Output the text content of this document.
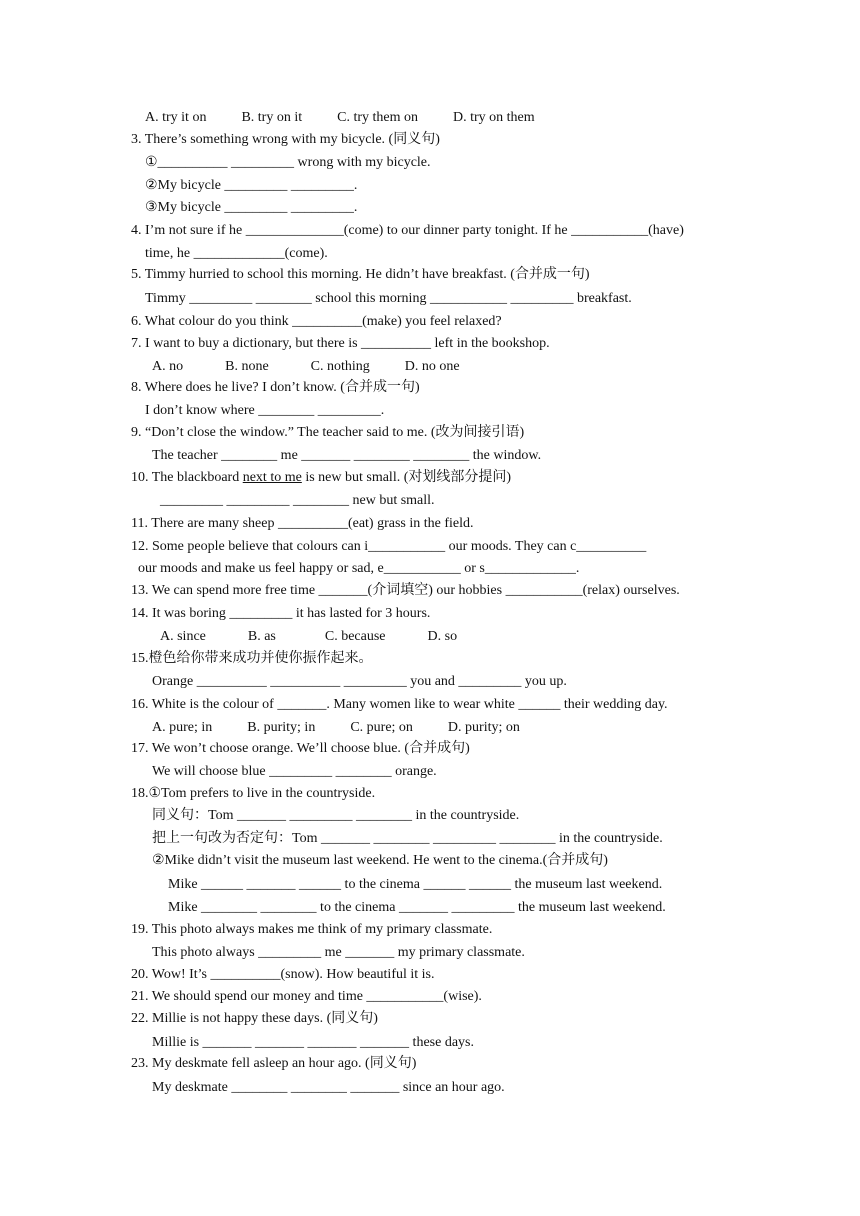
A. try it on          B. try on it          C. try them on          D. try on them

3. There’s something wrong with my bicycle. (同义句)

①__________ _________ wrong with my bicycle.

②My bicycle _________ _________.

③My bicycle _________ _________.

4. I’m not sure if he ______________(come) to our dinner party tonight. If he ___________(have)

time, he _____________(come).

5. Timmy hurried to school this morning. He didn’t have breakfast. (合并成一句)

Timmy _________ ________ school this morning ___________ _________ breakfast.

6. What colour do you think __________(make) you feel relaxed?

7. I want to buy a dictionary, but there is __________ left in the bookshop.

A. no            B. none            C. nothing          D. no one

8. Where does he live? I don’t know. (合并成一句)

I don’t know where ________ _________.

9. “Don’t close the window.” The teacher said to me. (改为间接引语)

The teacher ________ me _______ ________ ________ the window.

10. The blackboard next to me is new but small. (对划线部分提问)

_________ _________ ________ new but small.

11. There are many sheep __________(eat) grass in the field.

12. Some people believe that colours can i___________ our moods. They can c__________

our moods and make us feel happy or sad, e___________ or s_____________.

13. We can spend more free time _______(介词填空) our hobbies ___________(relax) ourselves.

14. It was boring _________ it has lasted for 3 hours.

A. since            B. as              C. because            D. so

15.橙色给你带来成功并使你振作起来。

Orange __________ __________ _________ you and _________ you up.

16. White is the colour of _______. Many women like to wear white ______ their wedding day.

A. pure; in          B. purity; in          C. pure; on          D. purity; on

17. We won’t choose orange. We’ll choose blue. (合并成句)

We will choose blue _________ ________ orange.

18.①Tom prefers to live in the countryside.

同义句：Tom _______ _________ ________ in the countryside.

把上一句改为否定句：Tom _______ ________ _________ ________ in the countryside.

②Mike didn’t visit the museum last weekend. He went to the cinema.(合并成句)

Mike ______ _______ ______ to the cinema ______ ______ the museum last weekend.

Mike ________ ________ to the cinema _______ _________ the museum last weekend.

19. This photo always makes me think of my primary classmate.

This photo always _________ me _______ my primary classmate.

20. Wow! It’s __________(snow). How beautiful it is.

21. We should spend our money and time ___________(wise).

22. Millie is not happy these days. (同义句)

Millie is _______ _______ _______ _______ these days.

23. My deskmate fell asleep an hour ago. (同义句)

My deskmate ________ ________ _______ since an hour ago.
